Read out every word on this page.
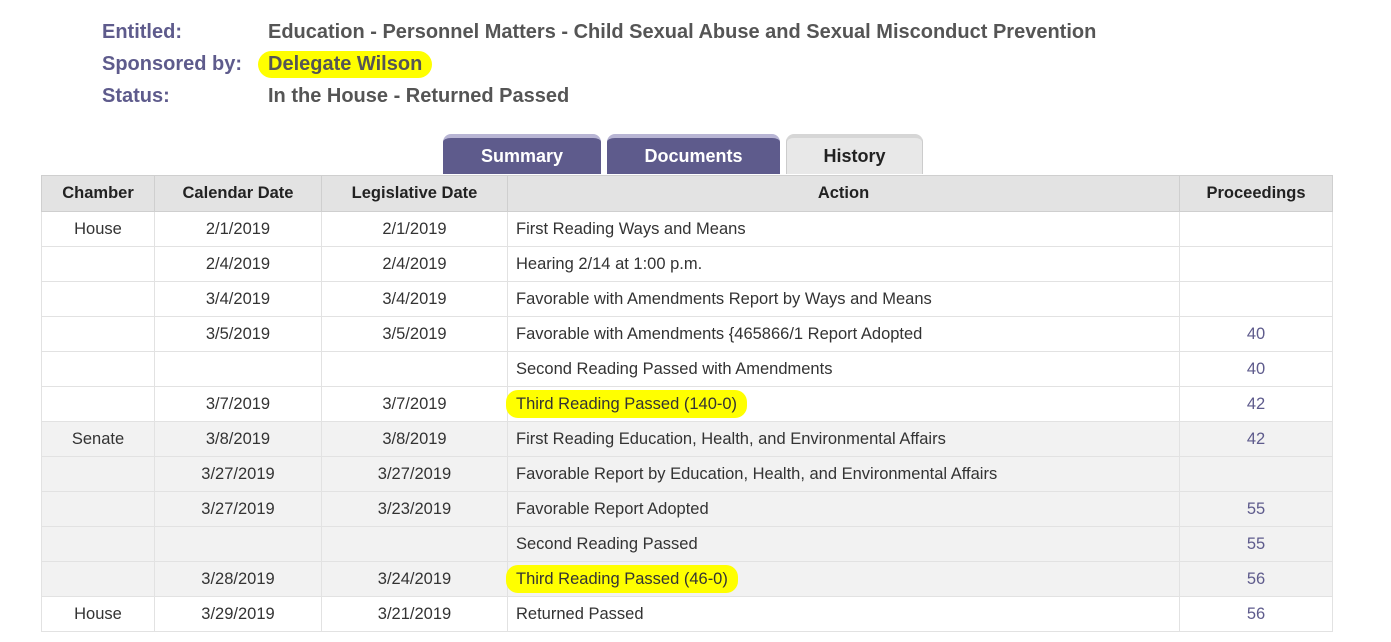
Entitled:	Education - Personnel Matters - Child Sexual Abuse and Sexual Misconduct Prevention
Sponsored by:	Delegate Wilson
Status:	In the House - Returned Passed
Summary	Documents	History
Chamber	Calendar Date	Legislative Date	Action	Proceedings
House	2/1/2019	2/1/2019	First Reading Ways and Means	
	2/4/2019	2/4/2019	Hearing 2/14 at 1:00 p.m.	
	3/4/2019	3/4/2019	Favorable with Amendments Report by Ways and Means	
	3/5/2019	3/5/2019	Favorable with Amendments {465866/1 Report Adopted	40
			Second Reading Passed with Amendments	40
	3/7/2019	3/7/2019	Third Reading Passed (140-0)	42
Senate	3/8/2019	3/8/2019	First Reading Education, Health, and Environmental Affairs	42
	3/27/2019	3/27/2019	Favorable Report by Education, Health, and Environmental Affairs	
	3/27/2019	3/23/2019	Favorable Report Adopted	55
			Second Reading Passed	55
	3/28/2019	3/24/2019	Third Reading Passed (46-0)	56
House	3/29/2019	3/21/2019	Returned Passed	56
